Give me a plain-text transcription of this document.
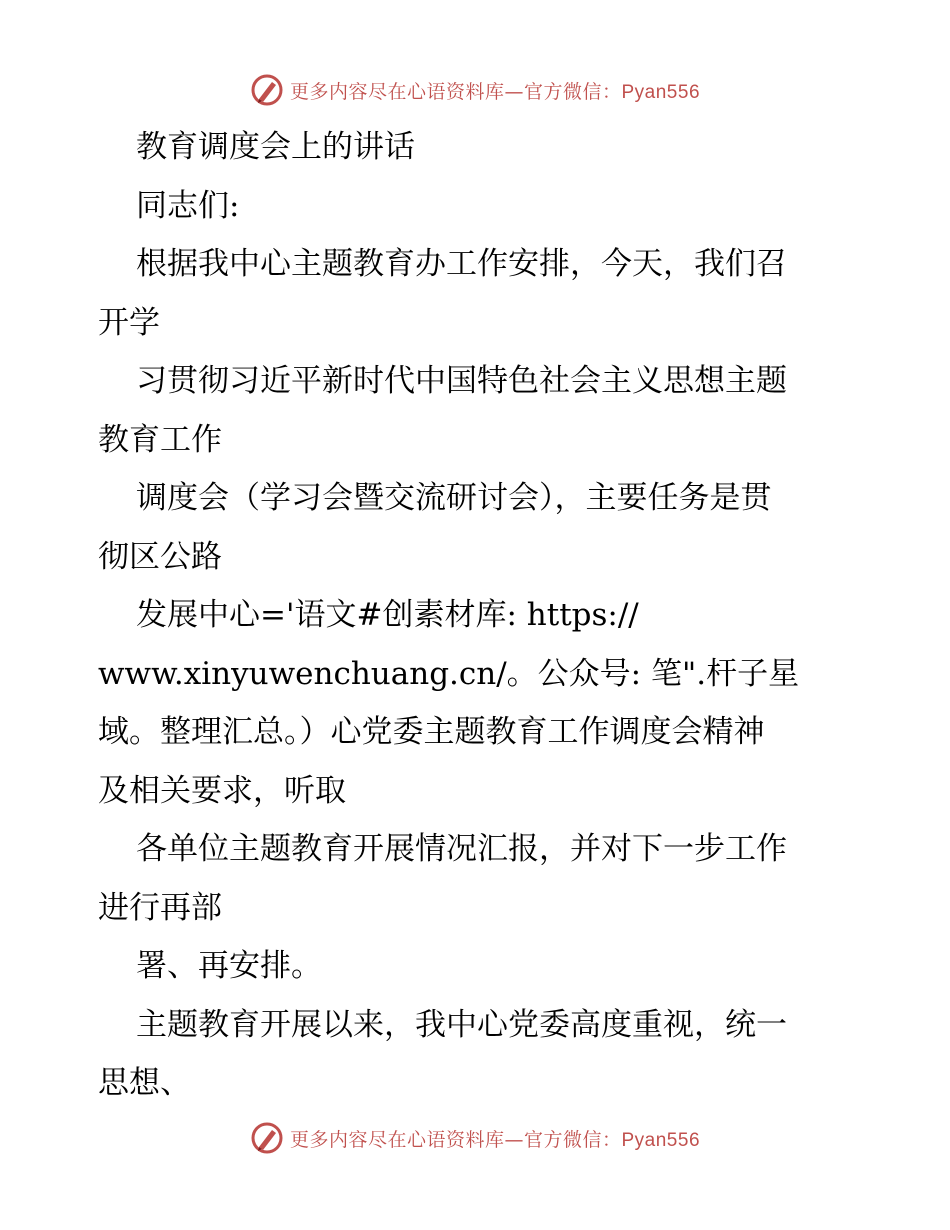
更多内容尽在心语资料库—官方微信：Pyan556
教育调度会上的讲话
同志们:
根据我中心主题教育办工作安排，今天，我们召
开学
习贯彻习近平新时代中国特色社会主义思想主题
教育工作
调度会（学习会暨交流研讨会），主要任务是贯
彻区公路
发展中心='语文#创素材库: https://
www.xinyuwenchuang.cn/。公众号: 笔".杆子星
域。整理汇总。）心党委主题教育工作调度会精神
及相关要求，听取
各单位主题教育开展情况汇报，并对下一步工作
进行再部
署、再安排。
主题教育开展以来，我中心党委高度重视，统一
思想、
更多内容尽在心语资料库—官方微信：Pyan556
